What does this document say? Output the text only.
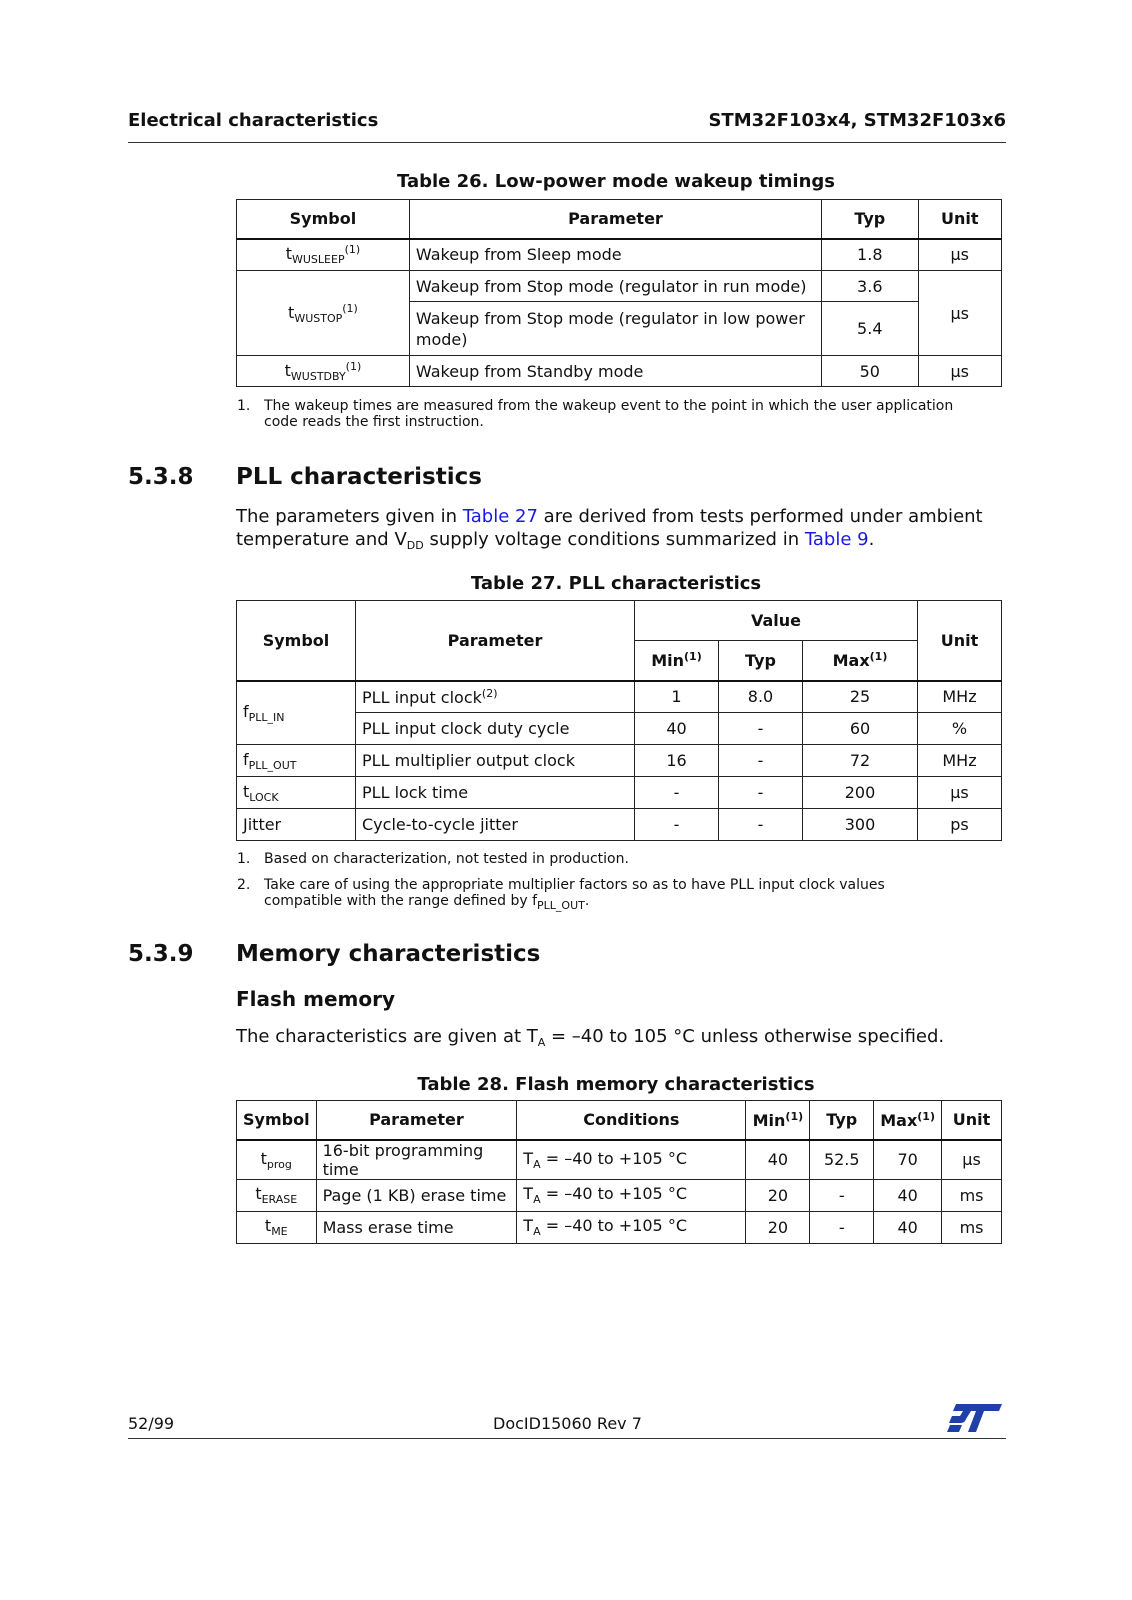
Electrical characteristics	STM32F103x4, STM32F103x6
Table 26. Low-power mode wakeup timings
Symbol	Parameter	Typ	Unit
$t_{WUSLEEP}^{(1)}$	Wakeup from Sleep mode	1.8	µs
$t_{WUSTOP}^{(1)}$	Wakeup from Stop mode (regulator in run mode)	3.6	µs
	Wakeup from Stop mode (regulator in low power mode)	5.4	
$t_{WUSTDBY}^{(1)}$	Wakeup from Standby mode	50	µs
1. The wakeup times are measured from the wakeup event to the point in which the user application code reads the first instruction.
5.3.8 PLL characteristics
The parameters given in Table 27 are derived from tests performed under ambient temperature and $V_{DD}$ supply voltage conditions summarized in Table 9.
Table 27. PLL characteristics
Symbol	Parameter	Value			Unit
		Min$^{(1)}$	Typ	Max$^{(1)}$
$f_{PLL\_IN}$	PLL input clock$^{(2)}$	1	8.0	25	MHz
	PLL input clock duty cycle	40	-	60	%
$f_{PLL\_OUT}$	PLL multiplier output clock	16	-	72	MHz
$t_{LOCK}$	PLL lock time	-	-	200	µs
Jitter	Cycle-to-cycle jitter	-	-	300	ps
1. Based on characterization, not tested in production.
2. Take care of using the appropriate multiplier factors so as to have PLL input clock values compatible with the range defined by $f_{PLL\_OUT}$.
5.3.9 Memory characteristics
Flash memory
The characteristics are given at $T_A = -40$ to 105 °C unless otherwise specified.
Table 28. Flash memory characteristics
Symbol	Parameter	Conditions	Min$^{(1)}$	Typ	Max$^{(1)}$	Unit
$t_{prog}$	16-bit programming time	$T_A = -40$ to +105 °C	40	52.5	70	µs
$t_{ERASE}$	Page (1 KB) erase time	$T_A = -40$ to +105 °C	20	-	40	ms
$t_{ME}$	Mass erase time	$T_A = -40$ to +105 °C	20	-	40	ms
52/99	DocID15060 Rev 7
